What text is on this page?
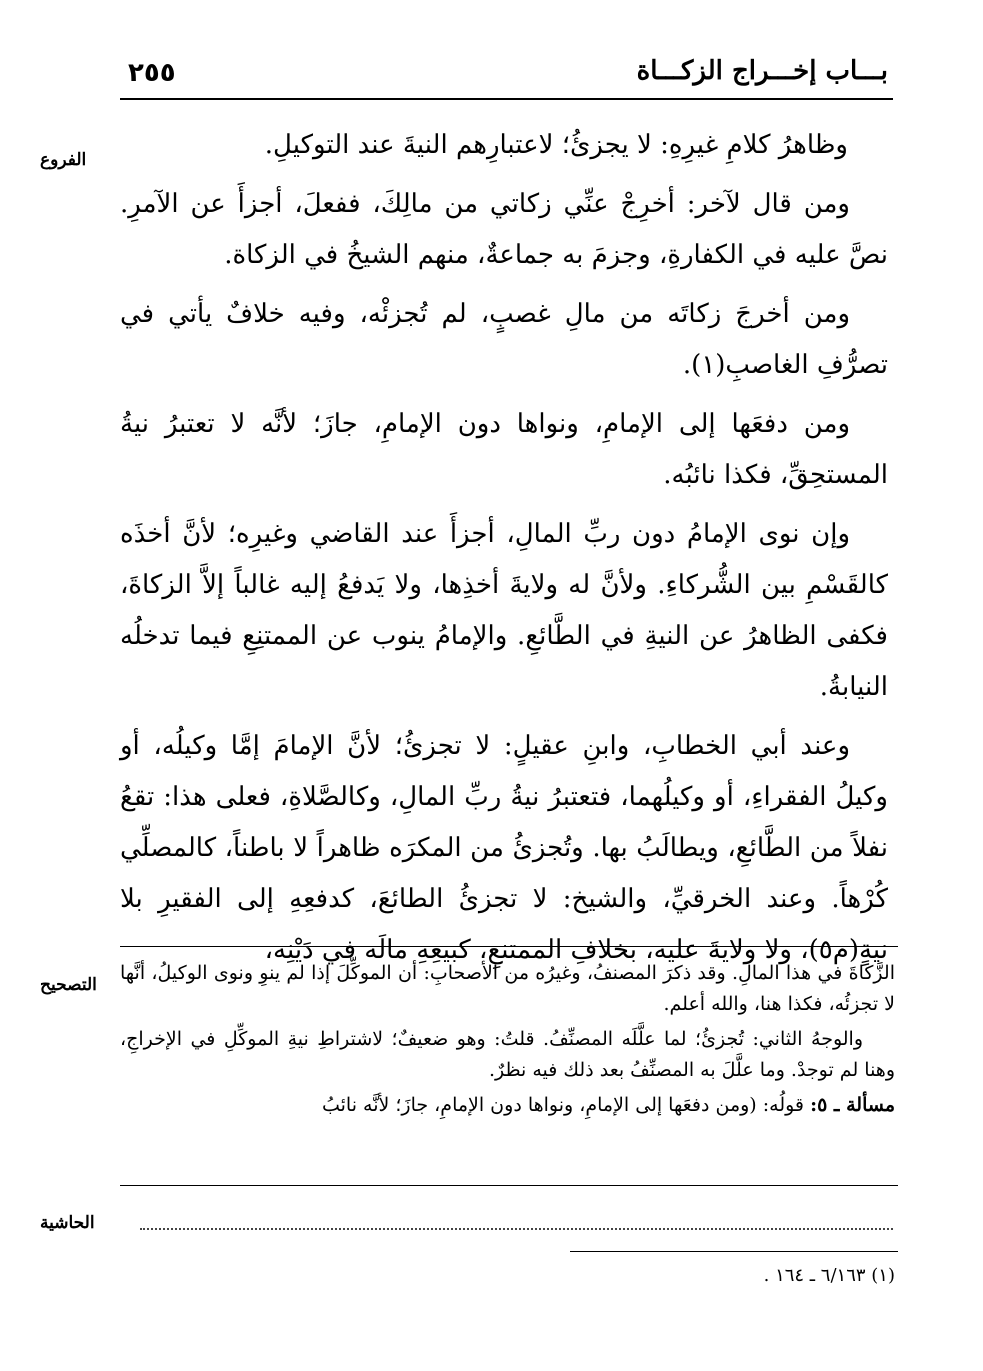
٢٥٥	بـــاب إخـــراج الزكـــاة
الفروع	وظاهرُ كلامِ غيرِهِ: لا يجزئُ؛ لاعتبارِهم النيةَ عند التوكيلِ.

ومن قال لآخر: أخرِجْ عنِّي زكاتي من مالِكَ، ففعلَ، أجزأَ عن الآمرِ. نصَّ عليه في الكفارةِ، وجزمَ به جماعةٌ، منهم الشيخُ في الزكاة.

ومن أخرجَ زكاتَه من مالِ غصبٍ، لم تُجزئْه، وفيه خلافٌ يأتي في تصرُّفِ الغاصبِ(١).

ومن دفعَها إلى الإمامِ، ونواها دون الإمامِ، جازَ؛ لأنَّه لا تعتبرُ نيةُ المستحِقِّ، فكذا نائبُه.

وإن نوى الإمامُ دون ربِّ المالِ، أجزأَ عند القاضي وغيرِه؛ لأنَّ أخذَه كالقَسْمِ بين الشُّركاءِ. ولأنَّ له ولايةَ أخذِها، ولا يَدفعُ إليه غالباً إلاَّ الزكاةَ، فكفى الظاهرُ عن النيةِ في الطَّائعِ. والإمامُ ينوب عن الممتنِعِ فيما تدخلُه النيابةُ.

وعند أبي الخطابِ، وابنِ عقيلٍ: لا تجزئُ؛ لأنَّ الإمامَ إمَّا وكيلُه، أو وكيلُ الفقراءِ، أو وكيلُهما، فتعتبرُ نيةُ ربِّ المالِ، وكالصَّلاةِ، فعلى هذا: تقعُ نفلاً من الطَّائعِ، ويطالَبُ بها. وتُجزئُ من المكرَه ظاهراً لا باطناً، كالمصلِّي كُرْهاً. وعند الخرقيِّ، والشيخ: لا تجزئُ الطائعَ، كدفعِهِ إلى الفقيرِ بلا نيةٍ(م٥)، ولا ولايةَ عليه، بخلافِ الممتنعِ، كبيعِهِ مالَه في دَيْنِه،

التصحيح

الزَّكاةَ في هذا المالِ. وقد ذكرَ المصنفُ، وغيرُه من الأصحابِ: أن الموكِّلَ إذا لم ينوِ ونوى الوكيلُ، أنَّها لا تجزئُه، فكذا هنا، والله أعلم.

والوجهُ الثاني: تُجزئُ؛ لما علَّلَه المصنِّفُ. قلتُ: وهو ضعيفٌ؛ لاشتراطِ نيةِ الموكِّلِ في الإخراجِ، وهنا لم توجدْ. وما علَّلَ به المصنِّفُ بعد ذلك فيه نظرٌ.

مسألة ـ ٥: قولُه: (ومن دفعَها إلى الإمامِ، ونواها دون الإمامِ، جازَ؛ لأنَّه نائبُ

الحاشية
(١) ٦/١٦٣ ـ ١٦٤ .
